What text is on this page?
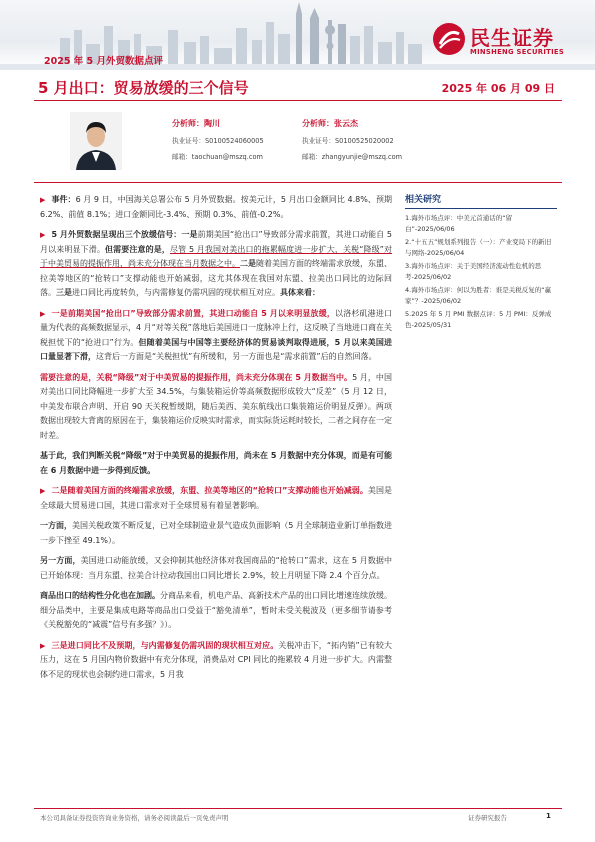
民生证券
MINSHENG SECURITIES
2025 年 5 月外贸数据点评
5 月出口：贸易放缓的三个信号	2025 年 06 月 09 日
分析师：陶川
执业证号：S0100524060005
邮箱：taochuan@mszq.com
分析师：张云杰
执业证号：S0100525020002
邮箱：zhangyunjie@mszq.com

▶ 事件：6 月 9 日，中国海关总署公布 5 月外贸数据。按美元计，5 月出口金额同比 4.8%、预期 6.2%、前值 8.1%；进口金额同比-3.4%、预期 0.3%、前值-0.2%。

▶ 5 月外贸数据呈现出三个放缓信号：一是前期美国“抢出口”导致部分需求前置，其进口动能自 5 月以来明显下滑。但需要注意的是，尽管 5 月我国对美出口的拖累幅度进一步扩大，关税“降级”对于中美贸易的提振作用，尚未充分体现在当月数据之中。二是随着美国方面的终端需求放缓，东盟、拉美等地区的“抢转口”支撑动能也开始减弱，这尤其体现在我国对东盟、拉美出口同比的边际回落。三是进口同比再度转负，与内需修复仍需巩固的现状相互对应。具体来看：

▶ 一是前期美国“抢出口”导致部分需求前置，其进口动能自 5 月以来明显放缓，以洛杉矶港进口量为代表的高频数据显示，4 月“对等关税”落地后美国进口一度脉冲上行，这反映了当地进口商在关税担忧下的“抢进口”行为。但随着美国与中国等主要经济体的贸易谈判取得进展，5 月以来美国进口量显著下滑，这背后一方面是“关税担忧”有所缓和，另一方面也是“需求前置”后的自然回落。

需要注意的是，关税“降级”对于中美贸易的提振作用，尚未充分体现在 5 月数据当中。5 月，中国对美出口同比降幅进一步扩大至 34.5%，与集装箱运价等高频数据形成较大“反差”（5 月 12 日，中美发布联合声明、开启 90 天关税暂缓期，随后美西、美东航线出口集装箱运价明显反弹）。两项数据出现较大背离的原因在于，集装箱运价反映实时需求，而实际货运耗时较长，二者之间存在一定时差。

基于此，我们判断关税“降级”对于中美贸易的提振作用，尚未在 5 月数据中充分体现，而是有可能在 6 月数据中进一步得到反馈。

▶ 二是随着美国方面的终端需求放缓，东盟、拉美等地区的“抢转口”支撑动能也开始减弱。美国是全球最大贸易进口国，其进口需求对于全球贸易有着显著影响。

一方面，美国关税政策不断反复，已对全球制造业景气造成负面影响（5 月全球制造业新订单指数进一步下挫至 49.1%）。

另一方面，美国进口动能放缓，又会抑制其他经济体对我国商品的“抢转口”需求，这在 5 月数据中已开始体现：当月东盟、拉美合计拉动我国出口同比增长 2.9%，较上月明显下降 2.4 个百分点。

商品出口的结构性分化也在加剧。分商品来看，机电产品、高新技术产品的出口同比增速连续放缓。细分品类中，主要是集成电路等商品出口受益于“豁免清单”，暂时未受关税波及（更多细节请参考《关税豁免的“减震”信号有多强？》）。

▶ 三是进口同比不及预期，与内需修复仍需巩固的现状相互对应。关税冲击下，“拓内销”已有较大压力，这在 5 月国内物价数据中有充分体现，消费品对 CPI 同比的拖累较 4 月进一步扩大。内需整体不足的现状也会制约进口需求，5 月我

相关研究
1.海外市场点评：中美元首通话的“留白”-2025/06/06
2.“十五五”规划系列报告（一）：产业变局下的新旧与网络-2025/06/04
3.海外市场点评：关于美国经济流动性危机的思考-2025/06/02
4.海外市场点评：何以为胜者：谁是关税反复的“赢家”？-2025/06/02
5.2025 年 5 月 PMI 数据点评：5 月 PMI：反弹成色-2025/05/31
本公司具备证券投资咨询业务资格，请务必阅读最后一页免责声明	证券研究报告	1
